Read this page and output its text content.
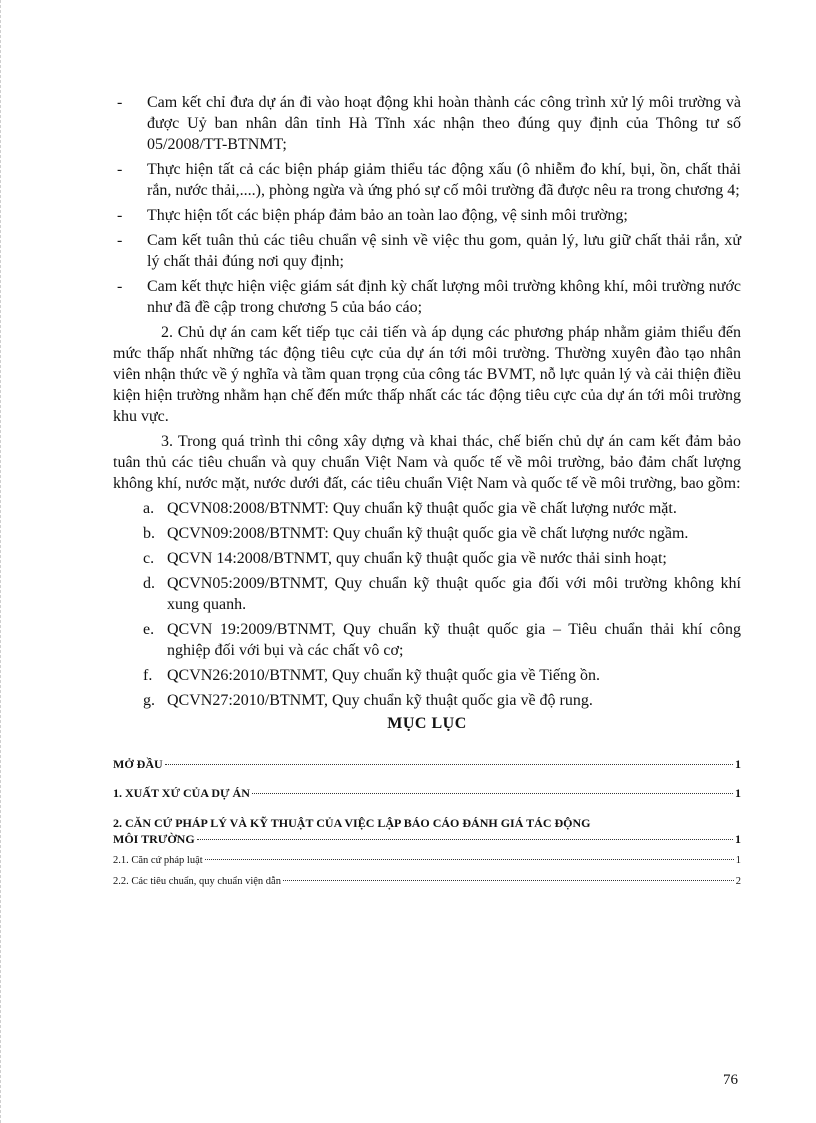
- Cam kết chỉ đưa dự án đi vào hoạt động khi hoàn thành các công trình xử lý môi trường và được Uỷ ban nhân dân tỉnh Hà Tĩnh xác nhận theo đúng quy định của Thông tư số 05/2008/TT-BTNMT;
- Thực hiện tất cả các biện pháp giảm thiểu tác động xấu (ô nhiễm đo khí, bụi, ồn, chất thải rắn, nước thải,....), phòng ngừa và ứng phó sự cố môi trường đã được nêu ra trong chương 4;
- Thực hiện tốt các biện pháp đảm bảo an toàn lao động, vệ sinh môi trường;
- Cam kết tuân thủ các tiêu chuẩn vệ sinh về việc thu gom, quản lý, lưu giữ chất thải rắn, xử lý chất thải đúng nơi quy định;
- Cam kết thực hiện việc giám sát định kỳ chất lượng môi trường không khí, môi trường nước như đã đề cập trong chương 5 của báo cáo;

2. Chủ dự án cam kết tiếp tục cải tiến và áp dụng các phương pháp nhằm giảm thiểu đến mức thấp nhất những tác động tiêu cực của dự án tới môi trường. Thường xuyên đào tạo nhân viên nhận thức về ý nghĩa và tầm quan trọng của công tác BVMT, nỗ lực quản lý và cải thiện điều kiện hiện trường nhằm hạn chế đến mức thấp nhất các tác động tiêu cực của dự án tới môi trường khu vực.

3. Trong quá trình thi công xây dựng và khai thác, chế biến chủ dự án cam kết đảm bảo tuân thủ các tiêu chuẩn và quy chuẩn Việt Nam và quốc tế về môi trường, bảo đảm chất lượng không khí, nước mặt, nước dưới đất, các tiêu chuẩn Việt Nam và quốc tế về môi trường, bao gồm:

a. QCVN08:2008/BTNMT: Quy chuẩn kỹ thuật quốc gia về chất lượng nước mặt.
b. QCVN09:2008/BTNMT: Quy chuẩn kỹ thuật quốc gia về chất lượng nước ngầm.
c. QCVN 14:2008/BTNMT, quy chuẩn kỹ thuật quốc gia về nước thải sinh hoạt;
d. QCVN05:2009/BTNMT, Quy chuẩn kỹ thuật quốc gia đối với môi trường không khí xung quanh.
e. QCVN 19:2009/BTNMT, Quy chuẩn kỹ thuật quốc gia – Tiêu chuẩn thải khí công nghiệp đối với bụi và các chất vô cơ;
f. QCVN26:2010/BTNMT, Quy chuẩn kỹ thuật quốc gia về Tiếng ồn.
g. QCVN27:2010/BTNMT, Quy chuẩn kỹ thuật quốc gia về độ rung.
MỤC LỤC
MỞ ĐẦU	1
1. XUẤT XỨ CỦA DỰ ÁN	1
2. CĂN CỨ PHÁP LÝ VÀ KỸ THUẬT CỦA VIỆC LẬP BÁO CÁO ĐÁNH GIÁ TÁC ĐỘNG
MÔI TRƯỜNG	1
2.1. Căn cứ pháp luật	1
2.2. Các tiêu chuẩn, quy chuẩn viện dẫn	2
76
